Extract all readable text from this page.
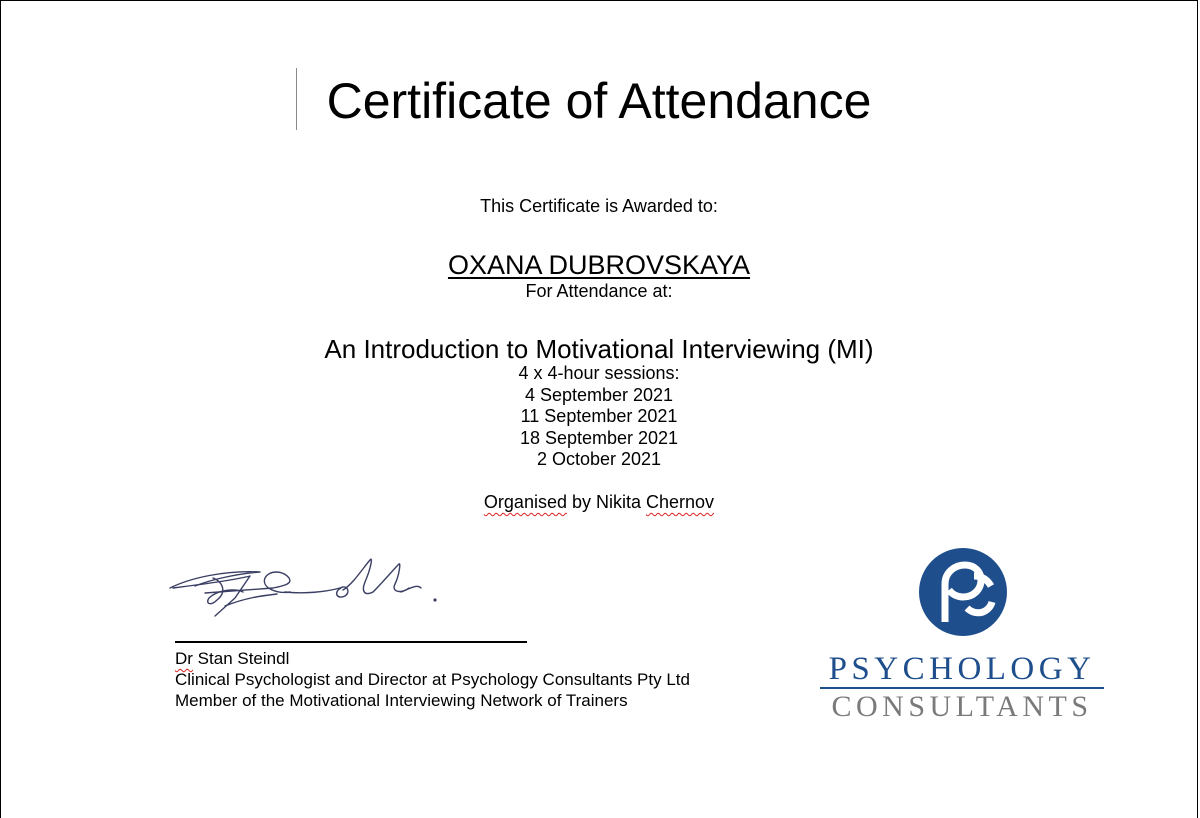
Certificate of Attendance
This Certificate is Awarded to:
OXANA DUBROVSKAYA
For Attendance at:
An Introduction to Motivational Interviewing (MI)
4 x 4-hour sessions:
4 September 2021
11 September 2021
18 September 2021
2 October 2021
Organised by Nikita Chernov
Dr Stan Steindl
Clinical Psychologist and Director at Psychology Consultants Pty Ltd
Member of the Motivational Interviewing Network of Trainers
PSYCHOLOGY
CONSULTANTS
